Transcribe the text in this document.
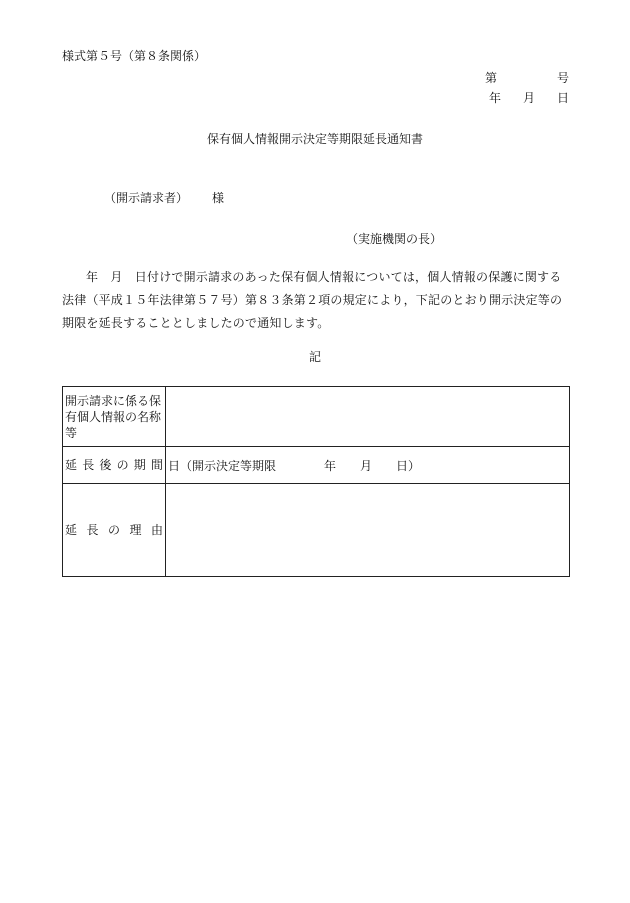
様式第５号（第８条関係）
第	号
年 月 日
保有個人情報開示決定等期限延長通知書
（開示請求者） 様
（実施機関の長）
年　月　日付けで開示請求のあった保有個人情報については，個人情報の保護に関する法律（平成１５年法律第５７号）第８３条第２項の規定により，下記のとおり開示決定等の期限を延長することとしましたので通知します。
記
開示請求に係る保有個人情報の名称等	
延長後の期間	日（開示決定等期限　　　　年　　月　　日）
延長の理由	
